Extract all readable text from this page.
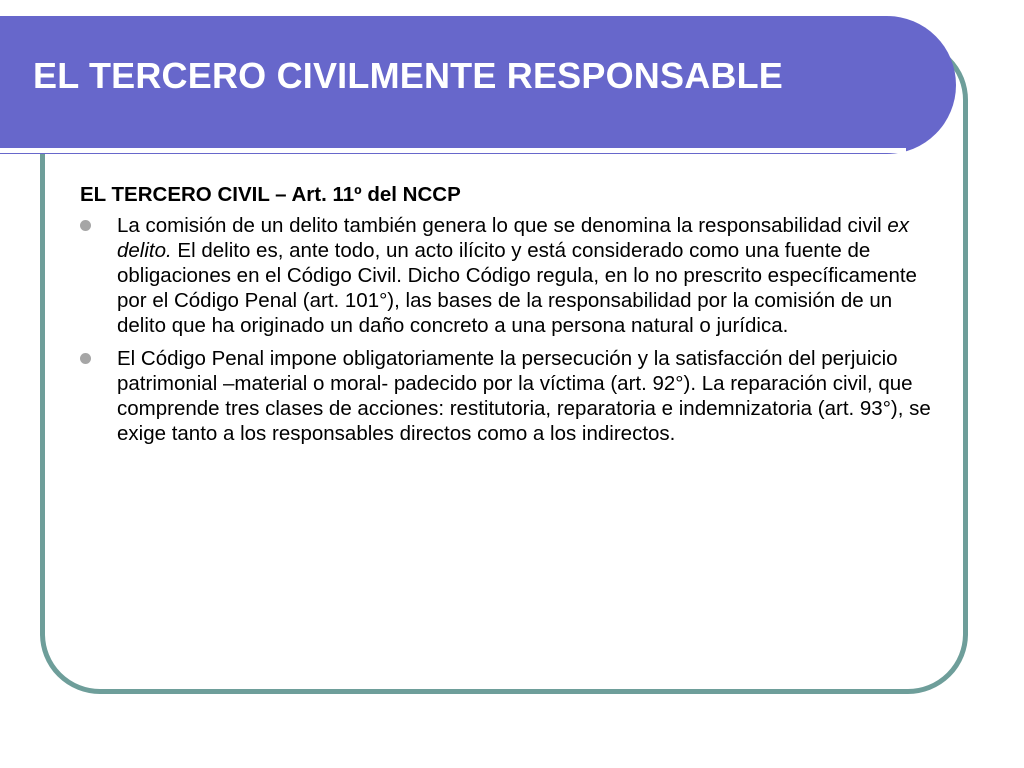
EL TERCERO CIVILMENTE RESPONSABLE

EL TERCERO CIVIL – Art. 11º del NCCP

La comisión de un delito también genera lo que se denomina la responsabilidad civil ex delito. El delito es, ante todo, un acto ilícito y está considerado como una fuente de obligaciones en el Código Civil. Dicho Código regula, en lo no prescrito específicamente por el Código Penal (art. 101°), las bases de la responsabilidad por la comisión de un delito que ha originado un daño concreto a una persona natural o jurídica.
El Código Penal impone obligatoriamente la persecución y la satisfacción del perjuicio patrimonial –material o moral- padecido por la víctima (art. 92°). La reparación civil, que comprende tres clases de acciones: restitutoria, reparatoria e indemnizatoria (art. 93°), se exige tanto a los responsables directos como a los indirectos.
